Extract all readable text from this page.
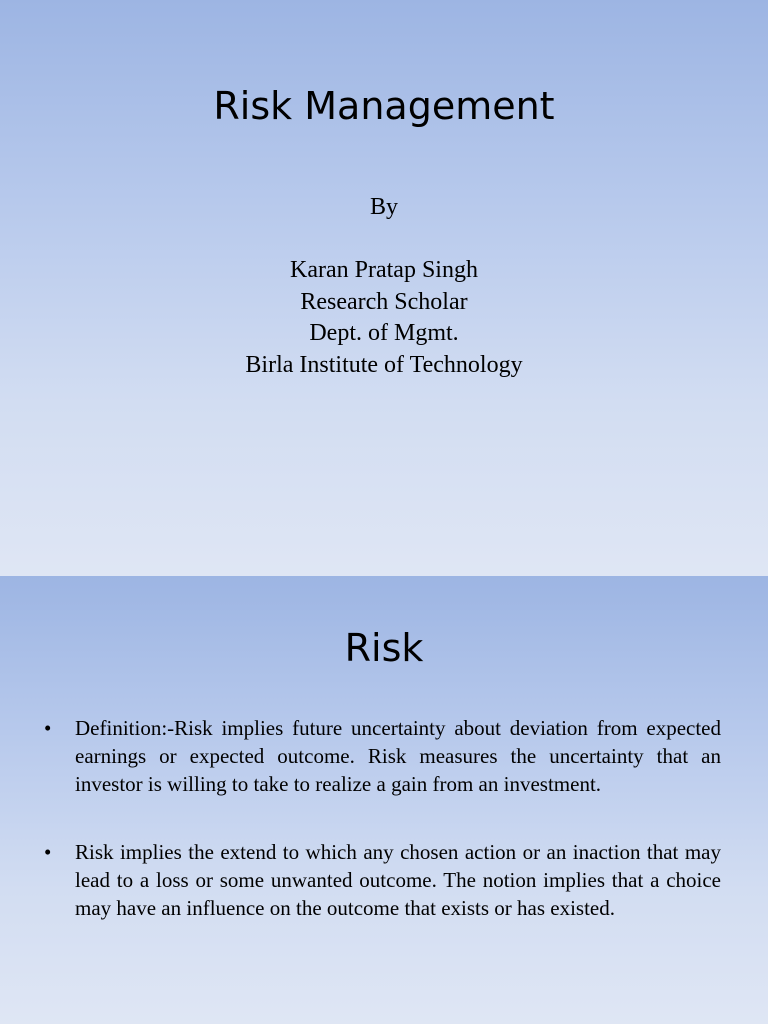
Risk Management
By
Karan Pratap Singh
Research Scholar
Dept. of Mgmt.
Birla Institute of Technology
Risk
• Definition:-Risk implies future uncertainty about deviation from expected earnings or expected outcome. Risk measures the uncertainty that an investor is willing to take to realize a gain from an investment.
• Risk implies the extend to which any chosen action or an inaction that may lead to a loss or some unwanted outcome. The notion implies that a choice may have an influence on the outcome that exists or has existed.
